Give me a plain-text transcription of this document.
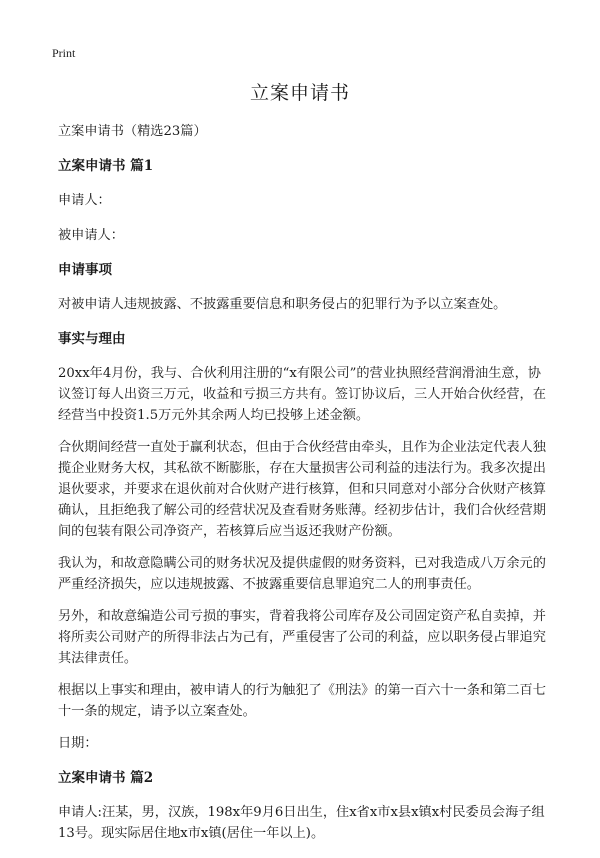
Print
立案申请书

立案申请书（精选23篇）

立案申请书 篇1

申请人：

被申请人：

申请事项

对被申请人违规披露、不披露重要信息和职务侵占的犯罪行为予以立案查处。

事实与理由

20xx年4月份，我与、合伙利用注册的“x有限公司”的营业执照经营润滑油生意，协议签订每人出资三万元，收益和亏损三方共有。签订协议后，三人开始合伙经营，在经营当中投资1.5万元外其余两人均已投够上述金额。

合伙期间经营一直处于赢利状态，但由于合伙经营由牵头，且作为企业法定代表人独揽企业财务大权，其私欲不断膨胀，存在大量损害公司利益的违法行为。我多次提出退伙要求，并要求在退伙前对合伙财产进行核算，但和只同意对小部分合伙财产核算确认，且拒绝我了解公司的经营状况及查看财务账薄。经初步估计，我们合伙经营期间的包装有限公司净资产，若核算后应当返还我财产份额。

我认为，和故意隐瞒公司的财务状况及提供虚假的财务资料，已对我造成八万余元的严重经济损失，应以违规披露、不披露重要信息罪追究二人的刑事责任。

另外，和故意编造公司亏损的事实，背着我将公司库存及公司固定资产私自卖掉，并将所卖公司财产的所得非法占为己有，严重侵害了公司的利益，应以职务侵占罪追究其法律责任。

根据以上事实和理由，被申请人的行为触犯了《刑法》的第一百六十一条和第二百七十一条的规定，请予以立案查处。

日期：

立案申请书 篇2

申请人:汪某，男，汉族，198x年9月6日出生，住x省x市x县x镇x村民委员会海子组13号。现实际居住地x市x镇(居住一年以上)。
